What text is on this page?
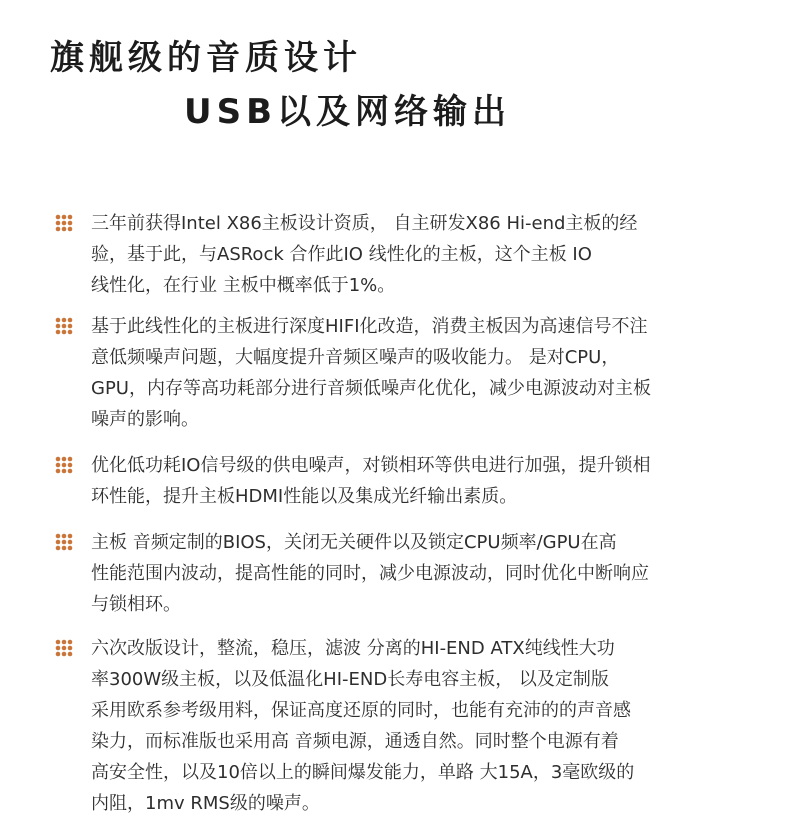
旗舰级的音质设计
USB以及网络输出
三年前获得Intel X86主板设计资质， 自主研发X86 Hi-end主板的经
验，基于此，与ASRock 合作此IO 线性化的主板，这个主板 IO
线性化，在行业 主板中概率低于1%。
基于此线性化的主板进行深度HIFI化改造，消费主板因为高速信号不注
意低频噪声问题，大幅度提升音频区噪声的吸收能力。 是对CPU，
GPU，内存等高功耗部分进行音频低噪声化优化，减少电源波动对主板
噪声的影响。
优化低功耗IO信号级的供电噪声，对锁相环等供电进行加强，提升锁相
环性能，提升主板HDMI性能以及集成光纤输出素质。
主板 音频定制的BIOS，关闭无关硬件以及锁定CPU频率/GPU在高
性能范围内波动，提高性能的同时，减少电源波动，同时优化中断响应
与锁相环。
六次改版设计，整流，稳压，滤波 分离的HI-END ATX纯线性大功
率300W级主板，以及低温化HI-END长寿电容主板， 以及定制版
采用欧系参考级用料，保证高度还原的同时，也能有充沛的的声音感
染力，而标准版也采用高 音频电源，通透自然。同时整个电源有着
高安全性，以及10倍以上的瞬间爆发能力，单路 大15A，3毫欧级的
内阻，1mv RMS级的噪声。
